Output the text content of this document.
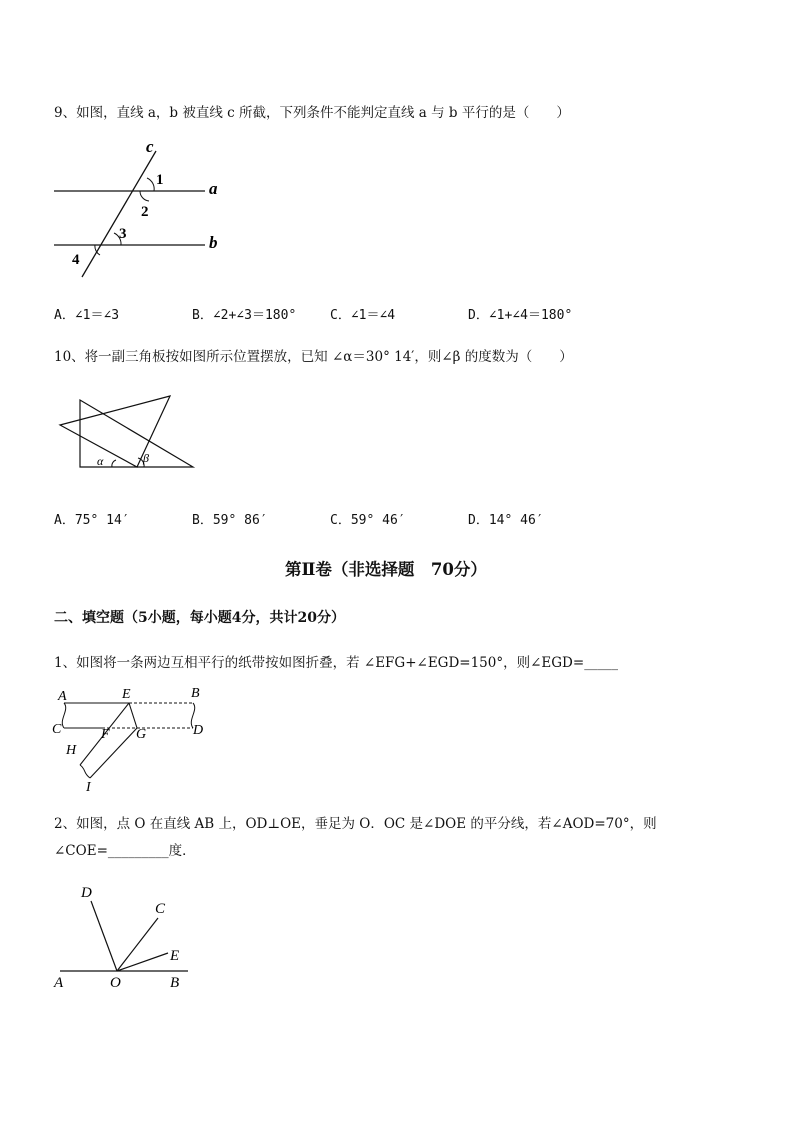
9、如图，直线 a，b 被直线 c 所截，下列条件不能判定直线 a 与 b 平行的是（　　）
c
a
b
1
2
3
4
A．∠1＝∠3	B．∠2+∠3＝180°	C．∠1＝∠4	D．∠1+∠4＝180°
10、将一副三角板按如图所示位置摆放，已知 ∠α＝30° 14′，则∠β 的度数为（　　）
α	β
A．75° 14′	B．59° 86′	C．59° 46′	D．14° 46′
第Ⅱ卷（非选择题　70分）
二、填空题（5小题，每小题4分，共计20分）
1、如图将一条两边互相平行的纸带按如图折叠，若 ∠EFG+∠EGD=150°，则∠EGD=_____
A	E	B
C	F G	D
H
I
2、如图，点 O 在直线 AB 上，OD⊥OE，垂足为 O．OC 是∠DOE 的平分线，若∠AOD=70°，则
∠COE=_________度．
D
C
E
A	O	B
